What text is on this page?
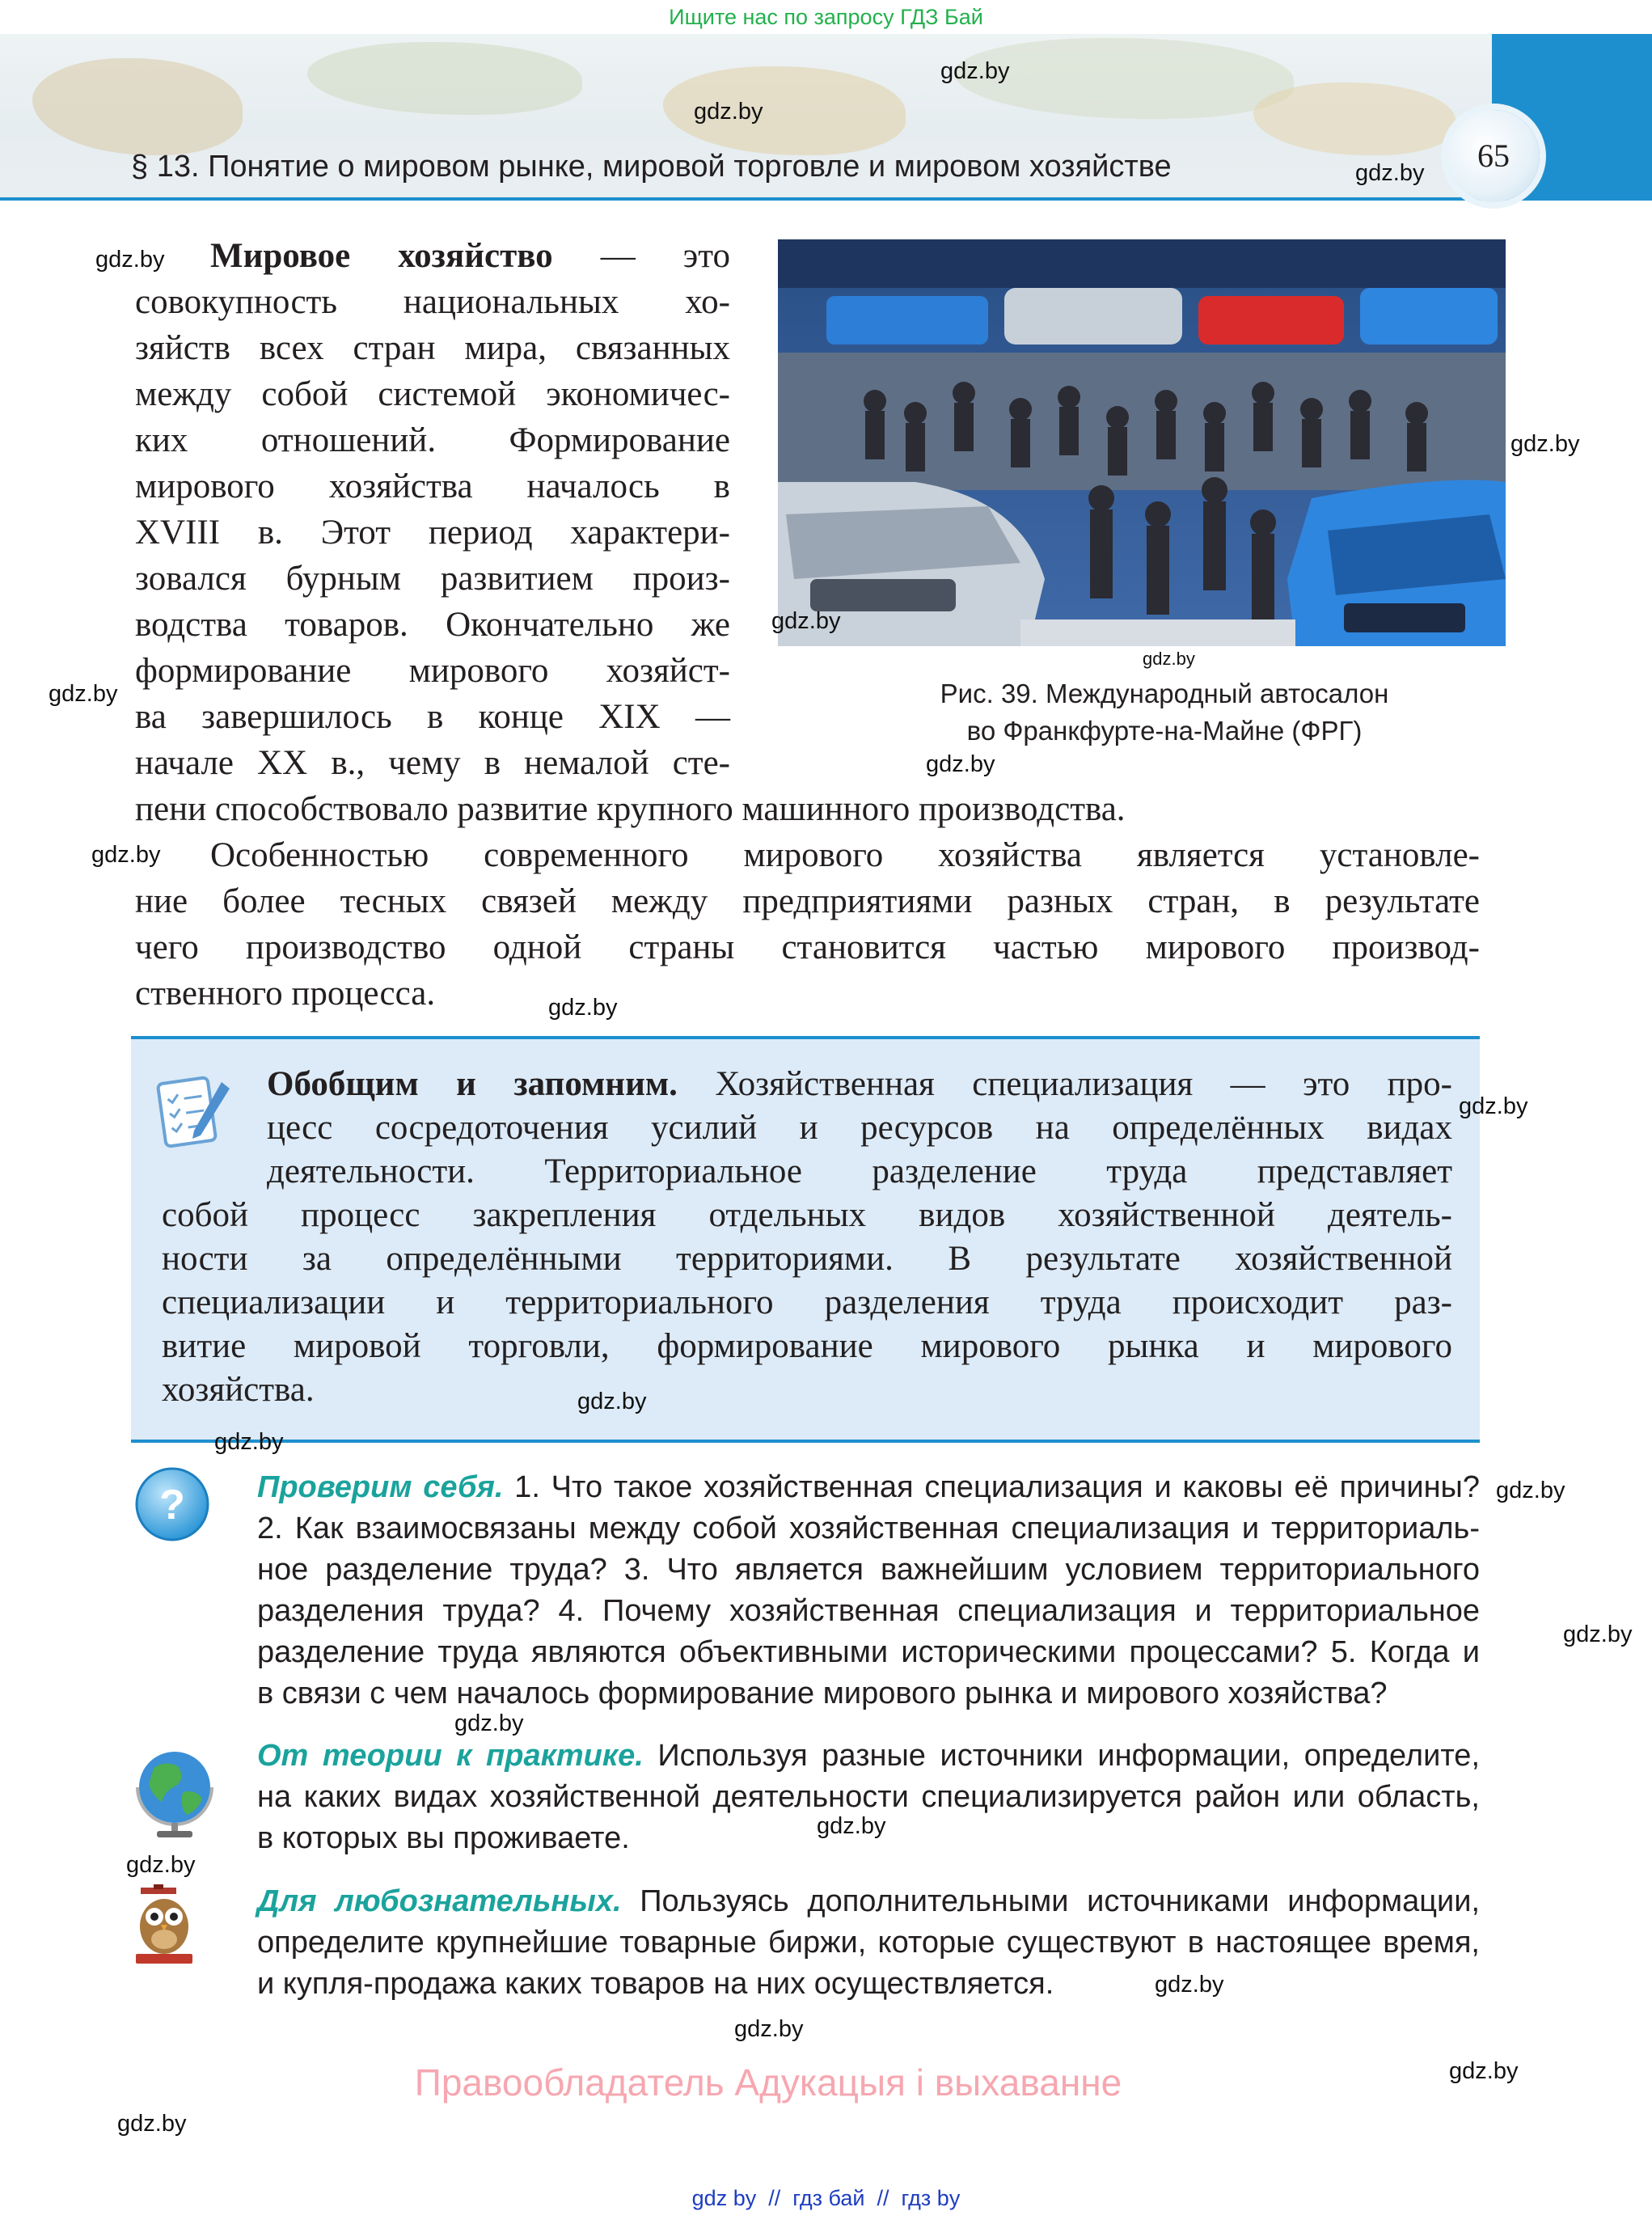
Ищите нас по запросу ГДЗ Бай
§ 13. Понятие о мировом рынке, мировой торговле и мировом хозяйстве	65
Мировое хозяйство — это
совокупность национальных хо-
зяйств всех стран мира, связанных
между собой системой экономичес-
ких отношений. Формирование
мирового хозяйства началось в
XVIII в. Этот период характери-
зовался бурным развитием произ-
водства товаров. Окончательно же
формирование мирового хозяйст-
ва завершилось в конце XIX —
начале XX в., чему в немалой сте-
пени способствовало развитие крупного машинного производства.
Рис. 39. Международный автосалон
во Франкфурте-на-Майне (ФРГ)
Особенностью современного мирового хозяйства является установле-
ние более тесных связей между предприятиями разных стран, в результате
чего производство одной страны становится частью мирового производ-
ственного процесса.
Обобщим и запомним. Хозяйственная специализация — это про-
цесс сосредоточения усилий и ресурсов на определённых видах
деятельности. Территориальное разделение труда представляет
собой процесс закрепления отдельных видов хозяйственной деятель-
ности за определёнными территориями. В результате хозяйственной
специализации и территориального разделения труда происходит раз-
витие мировой торговли, формирование мирового рынка и мирового
хозяйства.
? Проверим себя. 1. Что такое хозяйственная специализация и каковы её причины?
2. Как взаимосвязаны между собой хозяйственная специализация и территориаль-
ное разделение труда? 3. Что является важнейшим условием территориального
разделения труда? 4. Почему хозяйственная специализация и территориальное
разделение труда являются объективными историческими процессами? 5. Когда и
в связи с чем началось формирование мирового рынка и мирового хозяйства?
От теории к практике. Используя разные источники информации, определите,
на каких видах хозяйственной деятельности специализируется район или область,
в которых вы проживаете.
Для любознательных. Пользуясь дополнительными источниками информации,
определите крупнейшие товарные биржи, которые существуют в настоящее время,
и купля-продажа каких товаров на них осуществляется.
gdz.by
gdz.by
gdz.by
gdz.by
gdz.by
gdz.by
gdz.by
gdz.by
gdz.by
gdz.by
gdz.by
gdz.by
gdz.by
gdz.by
gdz.by
gdz.by
gdz.by
gdz.by
gdz.by
gdz.by
gdz.by
gdz.by
gdz.by
Правообладатель Адукацыя і выхаванне
gdz by // гдз бай // гдз by
